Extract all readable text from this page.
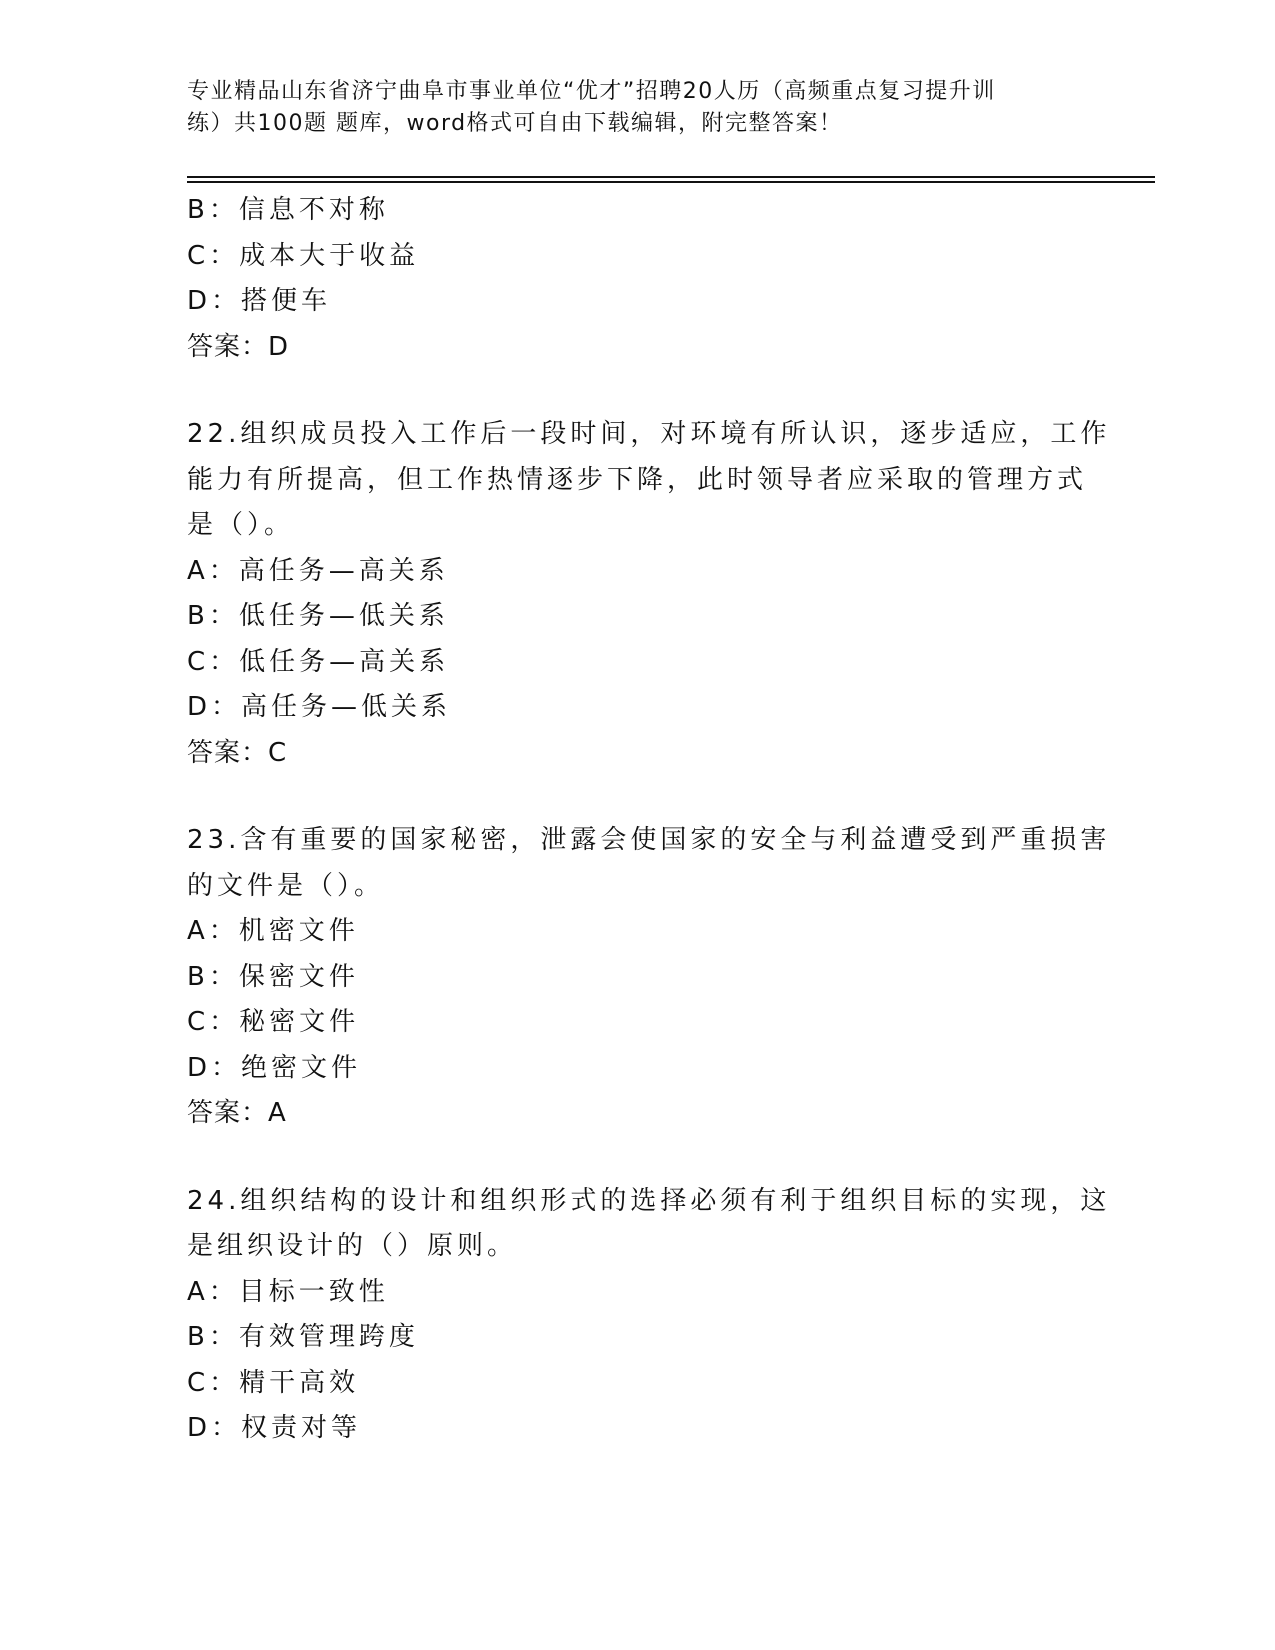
专业精品山东省济宁曲阜市事业单位“优才”招聘20人历（高频重点复习提升训
练）共100题 题库，word格式可自由下载编辑，附完整答案！
B：信息不对称
C：成本大于收益
D：搭便车
答案：D
22.组织成员投入工作后一段时间，对环境有所认识，逐步适应，工作
能力有所提高，但工作热情逐步下降，此时领导者应采取的管理方式
是（）。
A：高任务—高关系
B：低任务—低关系
C：低任务—高关系
D：高任务—低关系
答案：C
23.含有重要的国家秘密，泄露会使国家的安全与利益遭受到严重损害
的文件是（）。
A：机密文件
B：保密文件
C：秘密文件
D：绝密文件
答案：A
24.组织结构的设计和组织形式的选择必须有利于组织目标的实现，这
是组织设计的（）原则。
A：目标一致性
B：有效管理跨度
C：精干高效
D：权责对等
